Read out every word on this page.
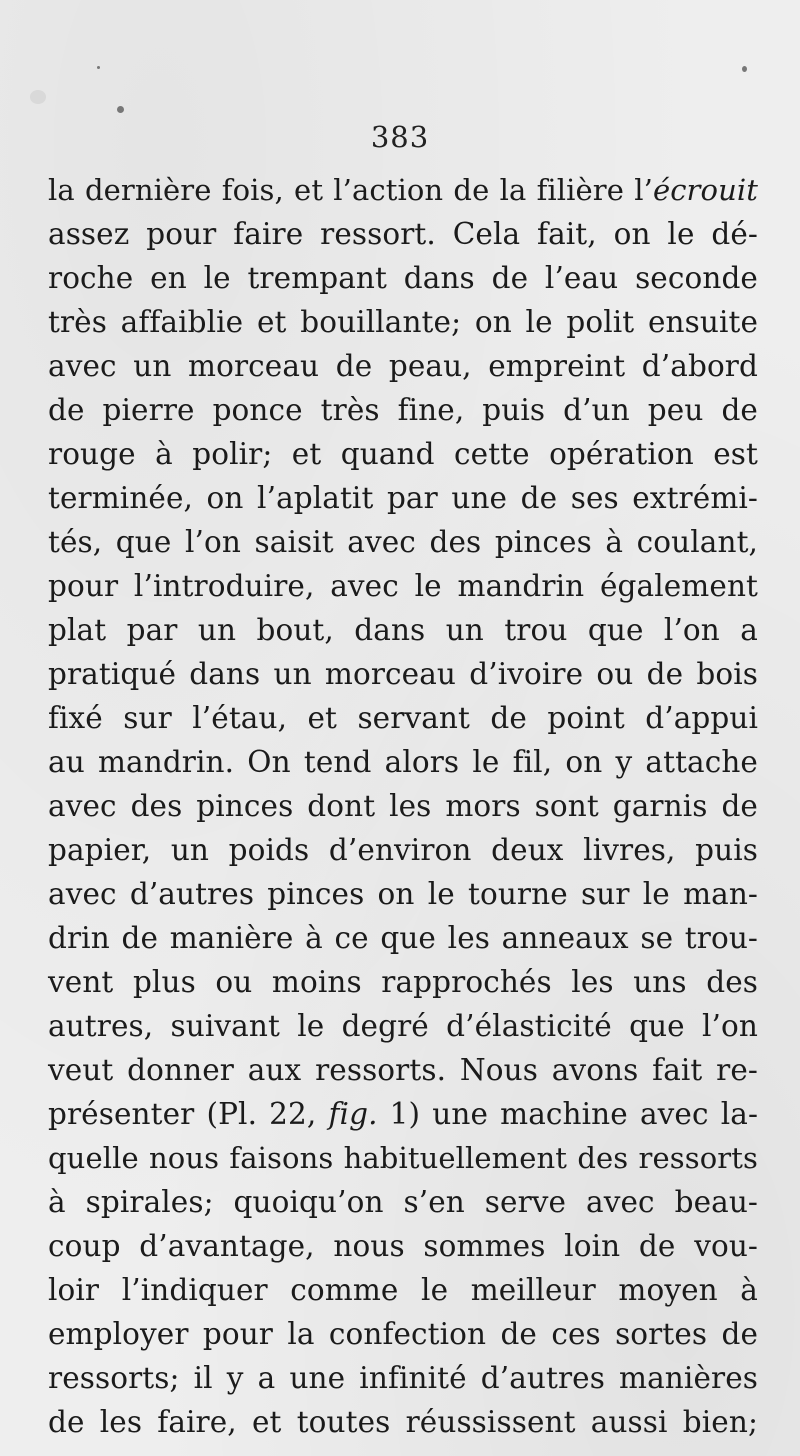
383
la dernière fois, et l’action de la filière l’écrouit
assez pour faire ressort. Cela fait, on le dé-
roche en le trempant dans de l’eau seconde
très affaiblie et bouillante; on le polit ensuite
avec un morceau de peau, empreint d’abord
de pierre ponce très fine, puis d’un peu de
rouge à polir; et quand cette opération est
terminée, on l’aplatit par une de ses extrémi-
tés, que l’on saisit avec des pinces à coulant,
pour l’introduire, avec le mandrin également
plat par un bout, dans un trou que l’on a
pratiqué dans un morceau d’ivoire ou de bois
fixé sur l’étau, et servant de point d’appui
au mandrin. On tend alors le fil, on y attache
avec des pinces dont les mors sont garnis de
papier, un poids d’environ deux livres, puis
avec d’autres pinces on le tourne sur le man-
drin de manière à ce que les anneaux se trou-
vent plus ou moins rapprochés les uns des
autres, suivant le degré d’élasticité que l’on
veut donner aux ressorts. Nous avons fait re-
présenter (Pl. 22, fig. 1) une machine avec la-
quelle nous faisons habituellement des ressorts
à spirales; quoiqu’on s’en serve avec beau-
coup d’avantage, nous sommes loin de vou-
loir l’indiquer comme le meilleur moyen à
employer pour la confection de ces sortes de
ressorts; il y a une infinité d’autres manières
de les faire, et toutes réussissent aussi bien;
